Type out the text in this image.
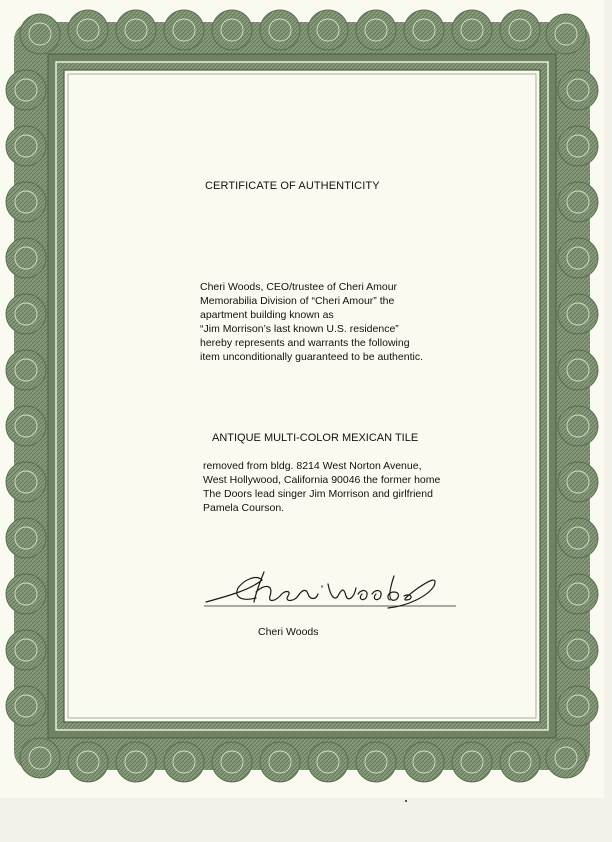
CERTIFICATE OF AUTHENTICITY
Cheri Woods, CEO/trustee of Cheri Amour
Memorabilia Division of “Cheri Amour” the
apartment building known as
“Jim Morrison’s last known U.S. residence”
hereby represents and warrants the following
item unconditionally guaranteed to be authentic.
ANTIQUE MULTI-COLOR MEXICAN TILE
removed from bldg. 8214 West Norton Avenue,
West Hollywood, California 90046 the former home
The Doors lead singer Jim Morrison and girlfriend
Pamela Courson.
Cheri Woods
